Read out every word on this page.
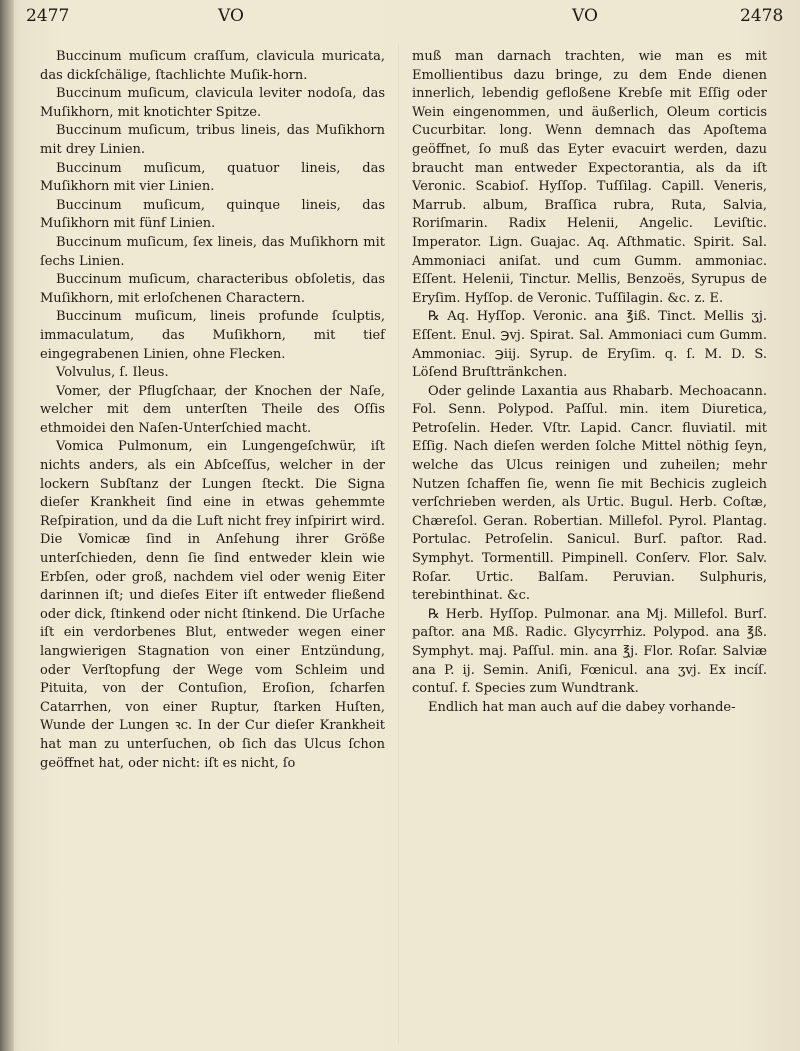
2477	VO	VO	2478

Buccinum muſicum craſſum, clavicula muricata, das dickſchälige, ſtachlichte Muſik-horn.

Buccinum muſicum, clavicula leviter nodoſa, das Muſikhorn, mit knotichter Spitze.

Buccinum muſicum, tribus lineis, das Muſikhorn mit drey Linien.

Buccinum muſicum, quatuor lineis, das Muſikhorn mit vier Linien.

Buccinum muſicum, quinque lineis, das Muſikhorn mit fünf Linien.

Buccinum muſicum, ſex lineis, das Muſikhorn mit ſechs Linien.

Buccinum muſicum, characteribus obſoletis, das Muſikhorn, mit erloſchenen Charactern.

Buccinum muſicum, lineis profunde ſculptis, immaculatum, das Muſikhorn, mit tief eingegrabenen Linien, ohne Flecken.

Volvulus, ſ. Ileus.

Vomer, der Pflugſchaar, der Knochen der Naſe, welcher mit dem unterſten Theile des Oſſis ethmoidei den Naſen-Unterſchied macht.

Vomica Pulmonum, ein Lungengeſchwür, iſt nichts anders, als ein Abſceſſus, welcher in der lockern Subſtanz der Lungen ſteckt. Die Signa dieſer Krankheit ſind eine in etwas gehemmte Reſpiration, und da die Luft nicht frey inſpirirt wird. Die Vomicæ ſind in Anſehung ihrer Größe unterſchieden, denn ſie ſind entweder klein wie Erbſen, oder groß, nachdem viel oder wenig Eiter darinnen iſt; und dieſes Eiter iſt entweder fließend oder dick, ſtinkend oder nicht ſtinkend. Die Urſache iſt ein verdorbenes Blut, entweder wegen einer langwierigen Stagnation von einer Entzündung, oder Verſtopfung der Wege vom Schleim und Pituita, von der Contuſion, Eroſion, ſcharfen Catarrhen, von einer Ruptur, ſtarken Huſten, Wunde der Lungen ꝛc. In der Cur dieſer Krankheit hat man zu unterſuchen, ob ſich das Ulcus ſchon geöffnet hat, oder nicht: iſt es nicht, ſo

muß man darnach trachten, wie man es mit Emollientibus dazu bringe, zu dem Ende dienen innerlich, lebendig gefloßene Krebſe mit Eſſig oder Wein eingenommen, und äußerlich, Oleum corticis Cucurbitar. long. Wenn demnach das Apoſtema geöffnet, ſo muß das Eyter evacuirt werden, dazu braucht man entweder Expectorantia, als da iſt Veronic. Scabioſ. Hyſſop. Tuſſilag. Capill. Veneris, Marrub. album, Braſſica rubra, Ruta, Salvia, Roriſmarin. Radix Helenii, Angelic. Leviſtic. Imperator. Lign. Guajac. Aq. Aſthmatic. Spirit. Sal. Ammoniaci aniſat. und cum Gumm. ammoniac. Eſſent. Helenii, Tinctur. Mellis, Benzoës, Syrupus de Eryſim. Hyſſop. de Veronic. Tuſſilagin. &c. z. E.

℞ Aq. Hyſſop. Veronic. ana ℥iß. Tinct. Mellis ʒj. Eſſent. Enul. ℈vj. Spirat. Sal. Ammoniaci cum Gumm. Ammoniac. ℈iij. Syrup. de Eryſim. q. ſ. M. D. S. Löſend Bruſttränkchen.

Oder gelinde Laxantia aus Rhabarb. Mechoacann. Fol. Senn. Polypod. Paſſul. min. item Diuretica, Petroſelin. Heder. Vſtr. Lapid. Cancr. fluviatil. mit Eſſig. Nach dieſen werden ſolche Mittel nöthig ſeyn, welche das Ulcus reinigen und zuheilen; mehr Nutzen ſchaffen ſie, wenn ſie mit Bechicis zugleich verſchrieben werden, als Urtic. Bugul. Herb. Coſtæ, Chæreſol. Geran. Robertian. Millefol. Pyrol. Plantag. Portulac. Petroſelin. Sanicul. Burſ. paſtor. Rad. Symphyt. Tormentill. Pimpinell. Conſerv. Flor. Salv. Roſar. Urtic. Balſam. Peruvian. Sulphuris, terebinthinat. &c.

℞ Herb. Hyſſop. Pulmonar. ana Mj. Millefol. Burſ. paſtor. ana Mß. Radic. Glycyrrhiz. Polypod. ana ℥ß. Symphyt. maj. Paſſul. min. ana ℥j. Flor. Roſar. Salviæ ana P. ij. Semin. Aniſi, Fœnicul. ana ʒvj. Ex incíſ. contuſ. f. Species zum Wundtrank.

Endlich hat man auch auf die dabey vorhande-
